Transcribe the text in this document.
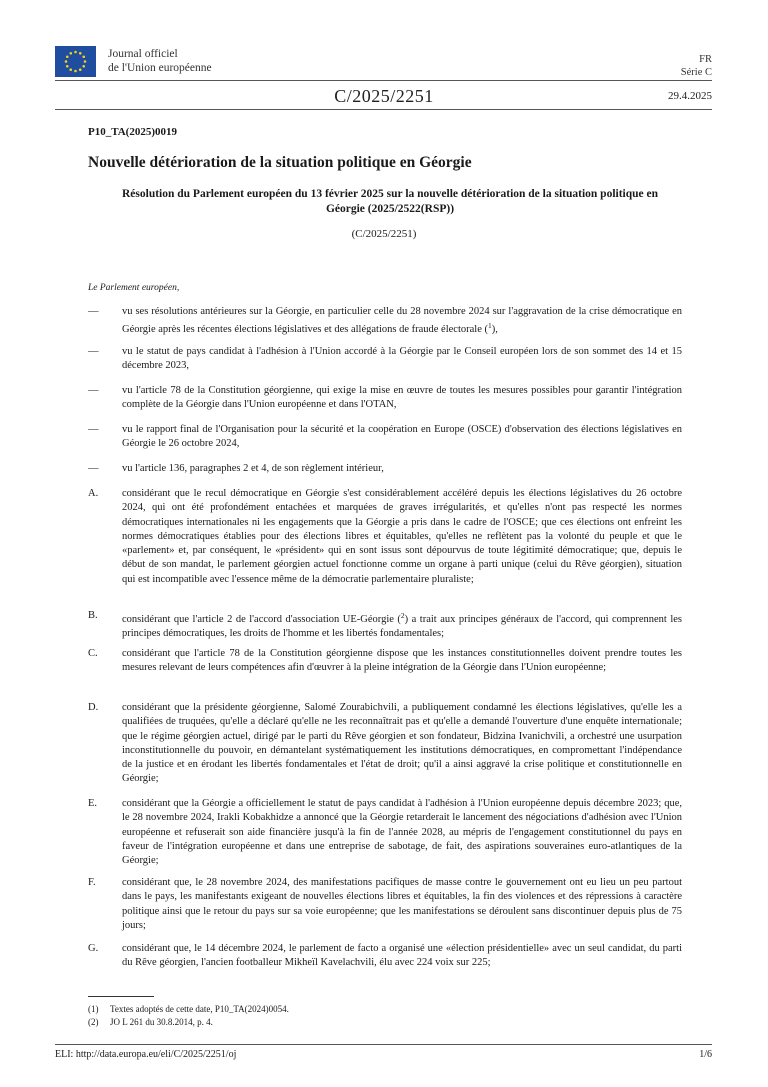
Journal officiel
de l'Union européenne
FR
Série C
C/2025/2251	29.4.2025
P10_TA(2025)0019
Nouvelle détérioration de la situation politique en Géorgie
Résolution du Parlement européen du 13 février 2025 sur la nouvelle détérioration de la situation politique en Géorgie (2025/2522(RSP))
(C/2025/2251)
Le Parlement européen,
— vu ses résolutions antérieures sur la Géorgie, en particulier celle du 28 novembre 2024 sur l'aggravation de la crise démocratique en Géorgie après les récentes élections législatives et des allégations de fraude électorale ($^1$),
— vu le statut de pays candidat à l'adhésion à l'Union accordé à la Géorgie par le Conseil européen lors de son sommet des 14 et 15 décembre 2023,
— vu l'article 78 de la Constitution géorgienne, qui exige la mise en œuvre de toutes les mesures possibles pour garantir l'intégration complète de la Géorgie dans l'Union européenne et dans l'OTAN,
— vu le rapport final de l'Organisation pour la sécurité et la coopération en Europe (OSCE) d'observation des élections législatives en Géorgie le 26 octobre 2024,
— vu l'article 136, paragraphes 2 et 4, de son règlement intérieur,
A. considérant que le recul démocratique en Géorgie s'est considérablement accéléré depuis les élections législatives du 26 octobre 2024, qui ont été profondément entachées et marquées de graves irrégularités, et qu'elles n'ont pas respecté les normes démocratiques internationales ni les engagements que la Géorgie a pris dans le cadre de l'OSCE; que ces élections ont enfreint les normes démocratiques établies pour des élections libres et équitables, qu'elles ne reflètent pas la volonté du peuple et que le «parlement» et, par conséquent, le «président» qui en sont issus sont dépourvus de toute légitimité démocratique; que, depuis le début de son mandat, le parlement géorgien actuel fonctionne comme un organe à parti unique (celui du Rêve géorgien), situation qui est incompatible avec l'essence même de la démocratie parlementaire pluraliste;
B. considérant que l'article 2 de l'accord d'association UE-Géorgie ($^2$) a trait aux principes généraux de l'accord, qui comprennent les principes démocratiques, les droits de l'homme et les libertés fondamentales;
C. considérant que l'article 78 de la Constitution géorgienne dispose que les instances constitutionnelles doivent prendre toutes les mesures relevant de leurs compétences afin d'œuvrer à la pleine intégration de la Géorgie dans l'Union européenne;
D. considérant que la présidente géorgienne, Salomé Zourabichvili, a publiquement condamné les élections législatives, qu'elle les a qualifiées de truquées, qu'elle a déclaré qu'elle ne les reconnaîtrait pas et qu'elle a demandé l'ouverture d'une enquête internationale; que le régime géorgien actuel, dirigé par le parti du Rêve géorgien et son fondateur, Bidzina Ivanichvili, a orchestré une usurpation inconstitutionnelle du pouvoir, en démantelant systématiquement les institutions démocratiques, en compromettant l'indépendance de la justice et en érodant les libertés fondamentales et l'état de droit; qu'il a ainsi aggravé la crise politique et constitutionnelle en Géorgie;
E. considérant que la Géorgie a officiellement le statut de pays candidat à l'adhésion à l'Union européenne depuis décembre 2023; que, le 28 novembre 2024, Irakli Kobakhidze a annoncé que la Géorgie retarderait le lancement des négociations d'adhésion avec l'Union européenne et refuserait son aide financière jusqu'à la fin de l'année 2028, au mépris de l'engagement constitutionnel du pays en faveur de l'intégration européenne et dans une entreprise de sabotage, de fait, des aspirations souveraines euro-atlantiques de la Géorgie;
F.	considérant que, le 28 novembre 2024, des manifestations pacifiques de masse contre le gouvernement ont eu lieu un peu partout dans le pays, les manifestants exigeant de nouvelles élections libres et équitables, la fin des violences et des répressions à caractère politique ainsi que le retour du pays sur sa voie européenne; que les manifestations se déroulent sans discontinuer depuis plus de 75 jours;
G. considérant que, le 14 décembre 2024, le parlement de facto a organisé une «élection présidentielle» avec un seul candidat, du parti du Rêve géorgien, l'ancien footballeur Mikheïl Kavelachvili, élu avec 224 voix sur 225;
(1) Textes adoptés de cette date, P10_TA(2024)0054.
(2) JO L 261 du 30.8.2014, p. 4.
ELI: http://data.europa.eu/eli/C/2025/2251/oj	1/6
